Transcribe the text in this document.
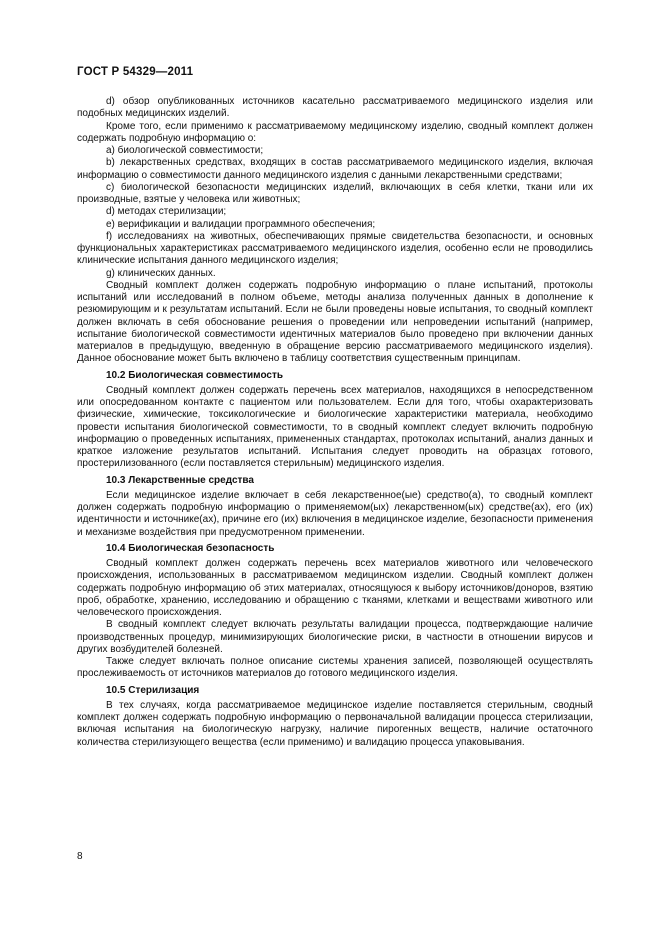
ГОСТ Р 54329—2011

d) обзор опубликованных источников касательно рассматриваемого медицинского изделия или подобных медицинских изделий.

Кроме того, если применимо к рассматриваемому медицинскому изделию, сводный комплект должен содержать подробную информацию о:

а) биологической совместимости;

b) лекарственных средствах, входящих в состав рассматриваемого медицинского изделия, включая информацию о совместимости данного медицинского изделия с данными лекарственными средствами;

c) биологической безопасности медицинских изделий, включающих в себя клетки, ткани или их производные, взятые у человека или животных;

d) методах стерилизации;

e) верификации и валидации программного обеспечения;

f) исследованиях на животных, обеспечивающих прямые свидетельства безопасности, и основных функциональных характеристиках рассматриваемого медицинского изделия, особенно если не проводились клинические испытания данного медицинского изделия;

g) клинических данных.

Сводный комплект должен содержать подробную информацию о плане испытаний, протоколы испытаний или исследований в полном объеме, методы анализа полученных данных в дополнение к резюмирующим и к результатам испытаний. Если не были проведены новые испытания, то сводный комплект должен включать в себя обоснование решения о проведении или непроведении испытаний (например, испытание биологической совместимости идентичных материалов было проведено при включении данных материалов в предыдущую, введенную в обращение версию рассматриваемого медицинского изделия). Данное обоснование может быть включено в таблицу соответствия существенным принципам.

10.2 Биологическая совместимость

Сводный комплект должен содержать перечень всех материалов, находящихся в непосредственном или опосредованном контакте с пациентом или пользователем. Если для того, чтобы охарактеризовать физические, химические, токсикологические и биологические характеристики материала, необходимо провести испытания биологической совместимости, то в сводный комплект следует включить подробную информацию о проведенных испытаниях, примененных стандартах, протоколах испытаний, анализ данных и краткое изложение результатов испытаний. Испытания следует проводить на образцах готового, простерилизованного (если поставляется стерильным) медицинского изделия.

10.3 Лекарственные средства

Если медицинское изделие включает в себя лекарственное(ые) средство(а), то сводный комплект должен содержать подробную информацию о применяемом(ых) лекарственном(ых) средстве(ах), его (их) идентичности и источнике(ах), причине его (их) включения в медицинское изделие, безопасности применения и механизме воздействия при предусмотренном применении.

10.4 Биологическая безопасность

Сводный комплект должен содержать перечень всех материалов животного или человеческого происхождения, использованных в рассматриваемом медицинском изделии. Сводный комплект должен содержать подробную информацию об этих материалах, относящуюся к выбору источников/доноров, взятию проб, обработке, хранению, исследованию и обращению с тканями, клетками и веществами животного или человеческого происхождения.

В сводный комплект следует включать результаты валидации процесса, подтверждающие наличие производственных процедур, минимизирующих биологические риски, в частности в отношении вирусов и других возбудителей болезней.

Также следует включать полное описание системы хранения записей, позволяющей осуществлять прослеживаемость от источников материалов до готового медицинского изделия.

10.5 Стерилизация

В тех случаях, когда рассматриваемое медицинское изделие поставляется стерильным, сводный комплект должен содержать подробную информацию о первоначальной валидации процесса стерилизации, включая испытания на биологическую нагрузку, наличие пирогенных веществ, наличие остаточного количества стерилизующего вещества (если применимо) и валидацию процесса упаковывания.

8
